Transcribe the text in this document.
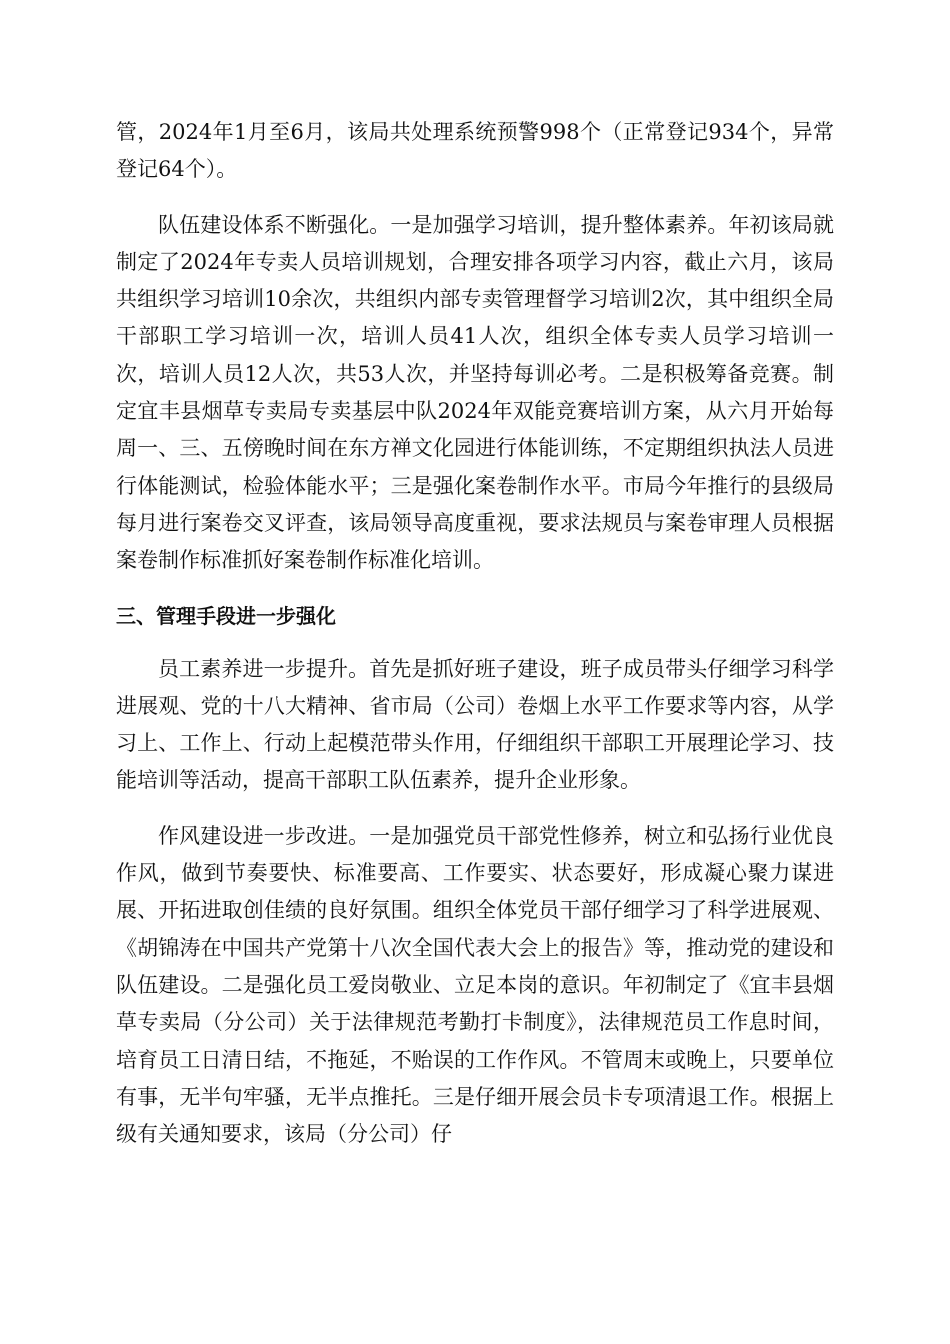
管，2024年1月至6月，该局共处理系统预警998个（正常登记934个，异常登记64个）。

队伍建设体系不断强化。一是加强学习培训，提升整体素养。年初该局就制定了2024年专卖人员培训规划，合理安排各项学习内容，截止六月，该局共组织学习培训10余次，共组织内部专卖管理督学习培训2次，其中组织全局干部职工学习培训一次，培训人员41人次，组织全体专卖人员学习培训一次，培训人员12人次，共53人次，并坚持每训必考。二是积极筹备竞赛。制定宜丰县烟草专卖局专卖基层中队2024年双能竞赛培训方案，从六月开始每周一、三、五傍晚时间在东方禅文化园进行体能训练，不定期组织执法人员进行体能测试，检验体能水平；三是强化案卷制作水平。市局今年推行的县级局每月进行案卷交叉评查，该局领导高度重视，要求法规员与案卷审理人员根据案卷制作标准抓好案卷制作标准化培训。

三、管理手段进一步强化

员工素养进一步提升。首先是抓好班子建设，班子成员带头仔细学习科学进展观、党的十八大精神、省市局（公司）卷烟上水平工作要求等内容，从学习上、工作上、行动上起模范带头作用，仔细组织干部职工开展理论学习、技能培训等活动，提高干部职工队伍素养，提升企业形象。

作风建设进一步改进。一是加强党员干部党性修养，树立和弘扬行业优良作风，做到节奏要快、标准要高、工作要实、状态要好，形成凝心聚力谋进展、开拓进取创佳绩的良好氛围。组织全体党员干部仔细学习了科学进展观、《胡锦涛在中国共产党第十八次全国代表大会上的报告》等，推动党的建设和队伍建设。二是强化员工爱岗敬业、立足本岗的意识。年初制定了《宜丰县烟草专卖局（分公司）关于法律规范考勤打卡制度》，法律规范员工作息时间，培育员工日清日结，不拖延，不贻误的工作作风。不管周末或晚上，只要单位有事，无半句牢骚，无半点推托。三是仔细开展会员卡专项清退工作。根据上级有关通知要求，该局（分公司）仔
